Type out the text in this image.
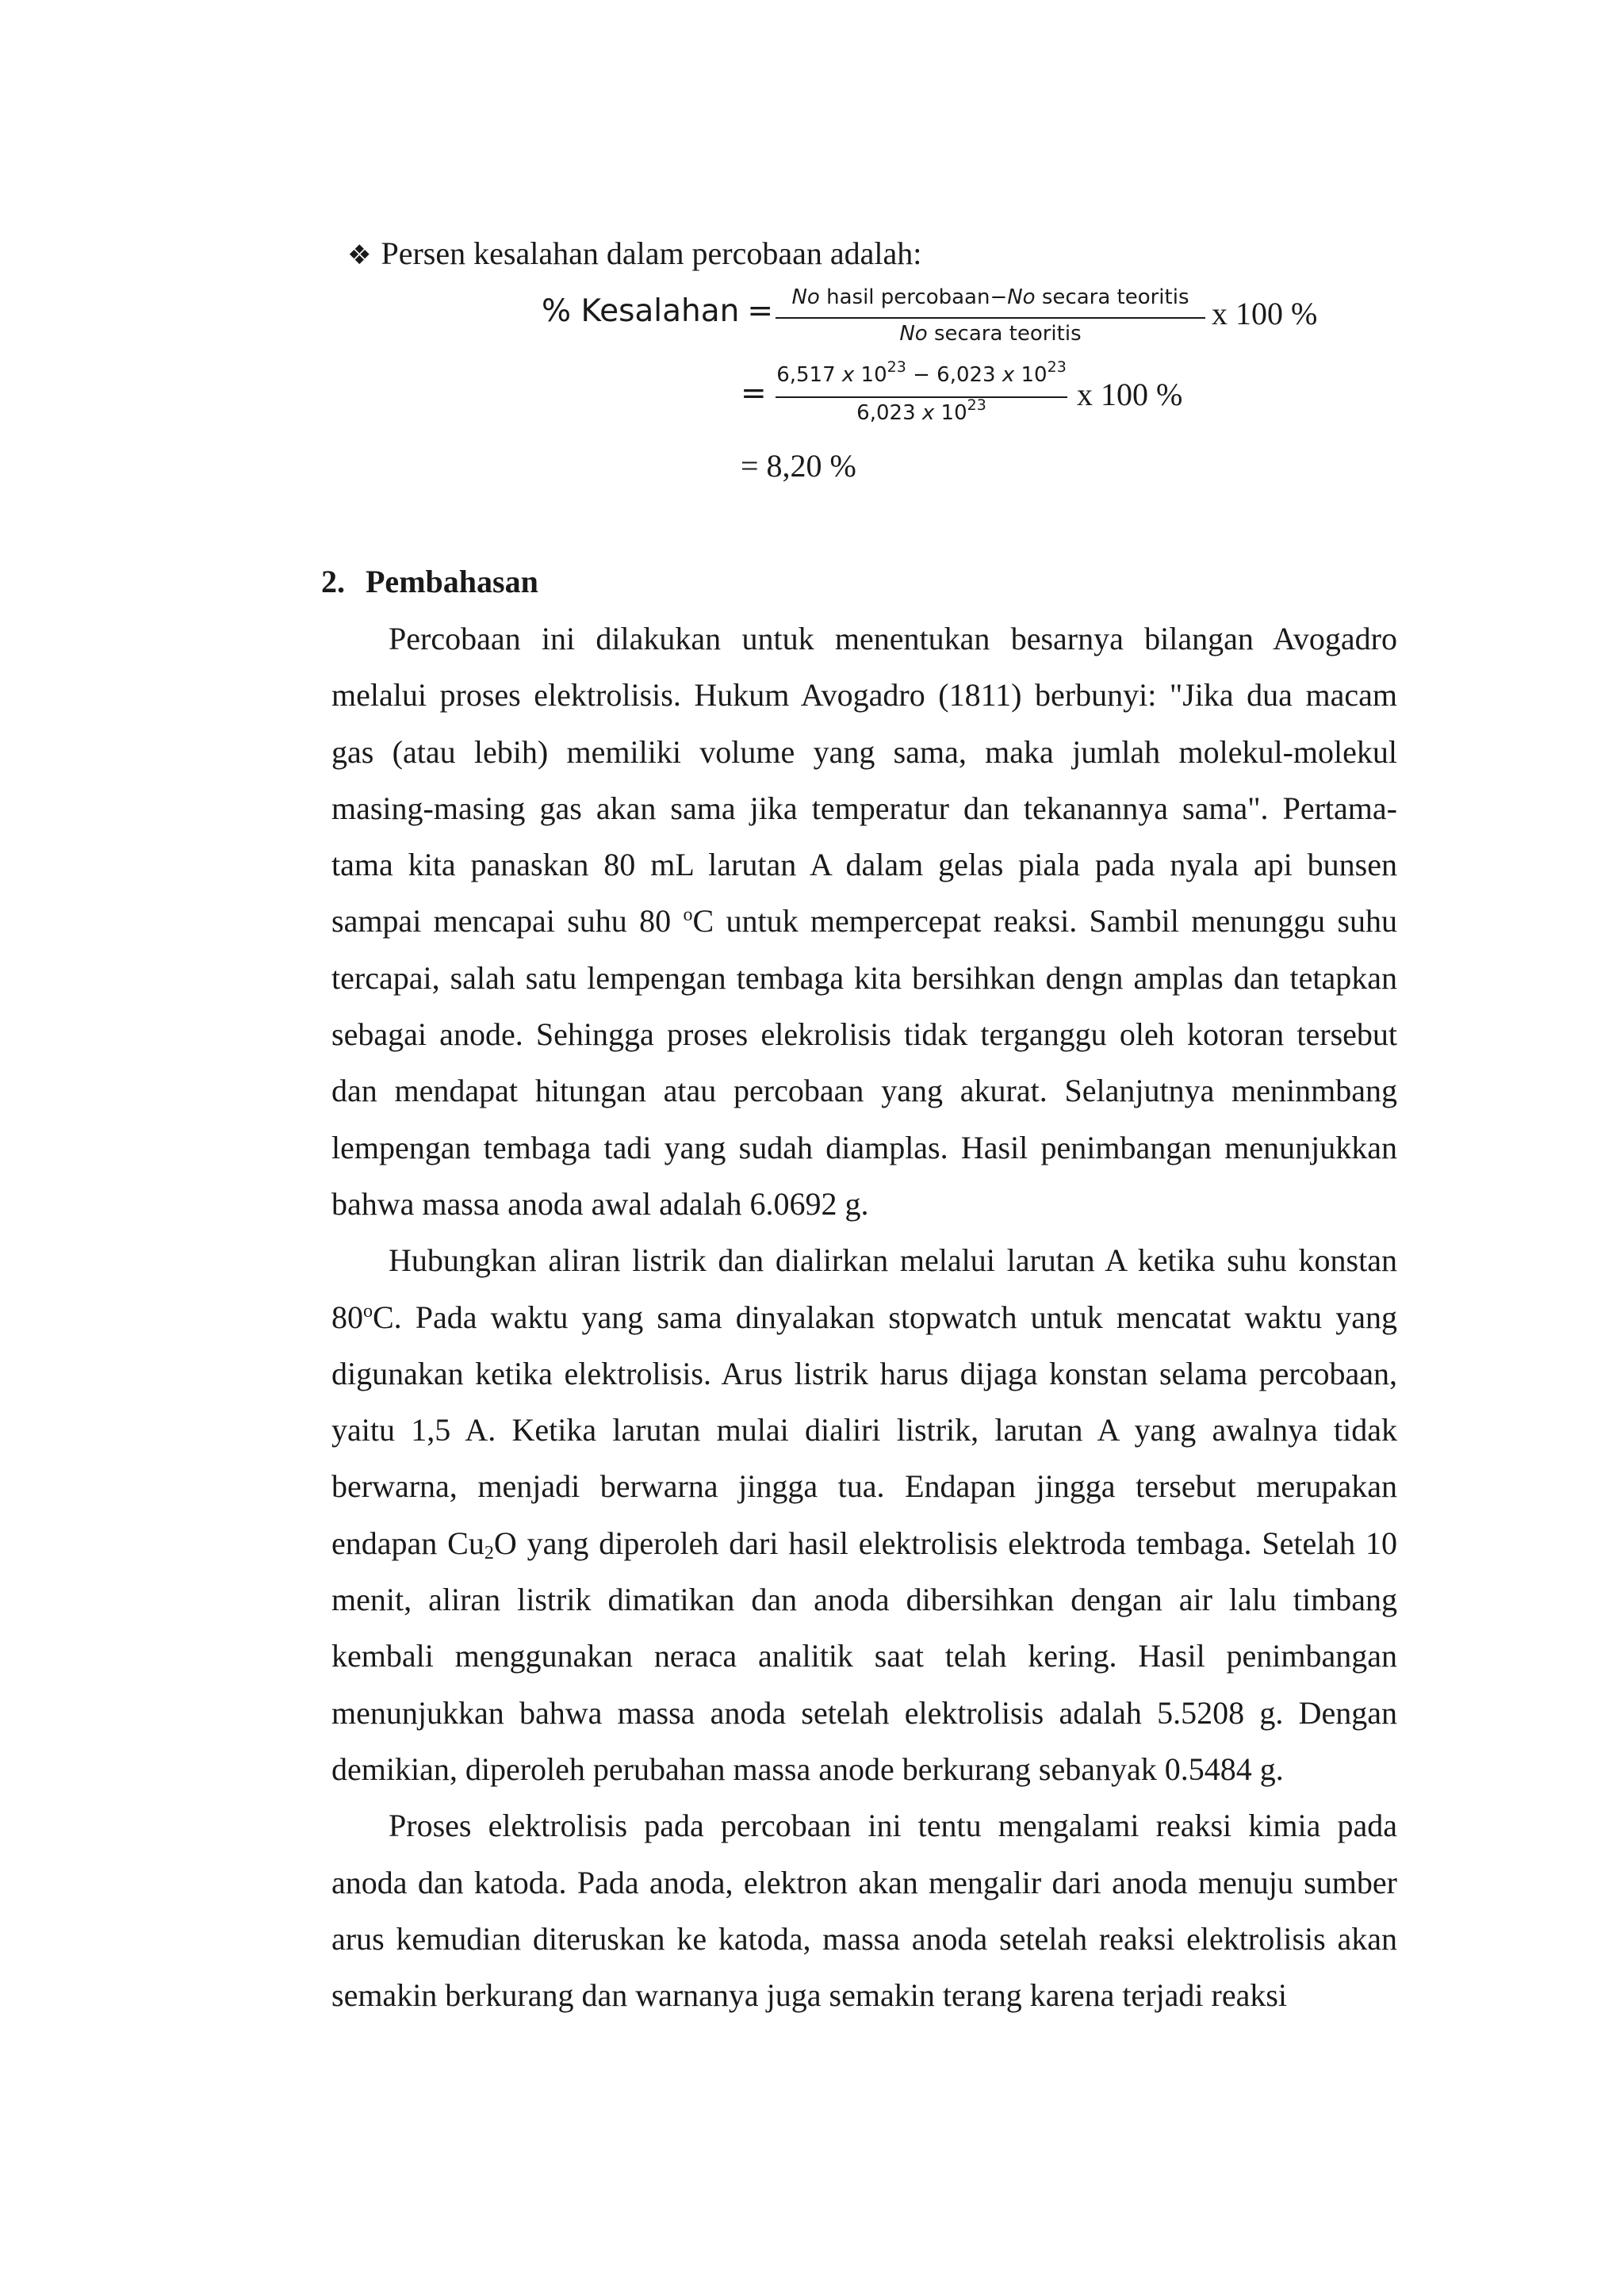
❖ Persen kesalahan dalam percobaan adalah:
% Kesalahan = No hasil percobaan−No secara teoritis
No secara teoritis
x 100 %
=
6,517 x $10^{23} - 6,023$ x $10^{23}$
6,023 x $10^{23}$	x 100 %
= 8,20 %
2. Pembahasan

Percobaan ini dilakukan untuk menentukan besarnya bilangan Avogadro melalui proses elektrolisis. Hukum Avogadro (1811) berbunyi: "Jika dua macam gas (atau lebih) memiliki volume yang sama, maka jumlah molekul-molekul masing-masing gas akan sama jika temperatur dan tekanannya sama". Pertama-tama kita panaskan 80 mL larutan A dalam gelas piala pada nyala api bunsen sampai mencapai suhu 80 $^o$C untuk mempercepat reaksi. Sambil menunggu suhu tercapai, salah satu lempengan tembaga kita bersihkan dengn amplas dan tetapkan sebagai anode. Sehingga proses elekrolisis tidak terganggu oleh kotoran tersebut dan mendapat hitungan atau percobaan yang akurat. Selanjutnya meninmbang lempengan tembaga tadi yang sudah diamplas. Hasil penimbangan menunjukkan bahwa massa anoda awal adalah 6.0692 g.

Hubungkan aliran listrik dan dialirkan melalui larutan A ketika suhu konstan 80$^o$C. Pada waktu yang sama dinyalakan stopwatch untuk mencatat waktu yang digunakan ketika elektrolisis. Arus listrik harus dijaga konstan selama percobaan, yaitu 1,5 A. Ketika larutan mulai dialiri listrik, larutan A yang awalnya tidak berwarna, menjadi berwarna jingga tua. Endapan jingga tersebut merupakan endapan $Cu_2O$ yang diperoleh dari hasil elektrolisis elektroda tembaga. Setelah 10 menit, aliran listrik dimatikan dan anoda dibersihkan dengan air lalu timbang kembali menggunakan neraca analitik saat telah kering. Hasil penimbangan menunjukkan bahwa massa anoda setelah elektrolisis adalah 5.5208 g. Dengan demikian, diperoleh perubahan massa anode berkurang sebanyak 0.5484 g.

Proses elektrolisis pada percobaan ini tentu mengalami reaksi kimia pada anoda dan katoda. Pada anoda, elektron akan mengalir dari anoda menuju sumber arus kemudian diteruskan ke katoda, massa anoda setelah reaksi elektrolisis akan semakin berkurang dan warnanya juga semakin terang karena terjadi reaksi
